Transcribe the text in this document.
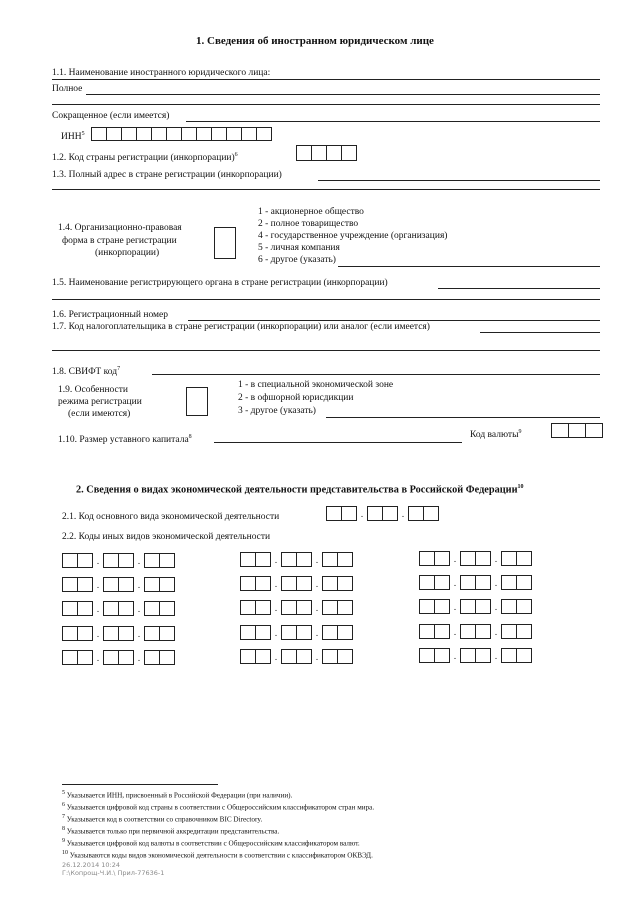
1. Сведения об иностранном юридическом лице
1.1. Наименование иностранного юридического лица:
Полное
Сокращенное (если имеется)
ИНН$^5$
1.2. Код страны регистрации (инкорпорации)$^6$
1.3. Полный адрес в стране регистрации (инкорпорации)
1.4. Организационно-правовая
форма в стране регистрации
(инкорпорации)
1 - акционерное общество
2 - полное товарищество
4 - государственное учреждение (организация)
5 - личная компания
6 - другое (указать)
1.5. Наименование регистрирующего органа в стране регистрации (инкорпорации)
1.6. Регистрационный номер
1.7. Код налогоплательщика в стране регистрации (инкорпорации) или аналог (если имеется)
1.8. СВИФТ код$^7$
1.9. Особенности
режима регистрации
(если имеются)
1 - в специальной экономической зоне
2 - в офшорной юрисдикции
3 - другое (указать)
1.10. Размер уставного капитала$^8$	Код валюты$^9$
2. Сведения о видах экономической деятельности представительства в Российской Федерации$^{10}$
2.1. Код основного вида экономической деятельности	.	.
2.2. Коды иных видов экономической деятельности
.	.
.	.
.	.
.	.
.	.
.	.
.	.
.	.
.	.
.	.
.	.
.	.
.	.
.	.
.	.
$^5$ Указывается ИНН, присвоенный в Российской Федерации (при наличии).
$^6$ Указывается цифровой код страны в соответствии с Общероссийским классификатором стран мира.
$^7$ Указывается код в соответствии со справочником BIC Directory.
$^8$ Указывается только при первичной аккредитации представительства.
$^9$ Указывается цифровой код валюты в соответствии с Общероссийским классификатором валют.
$^{10}$ Указываются коды видов экономической деятельности в соответствии с классификатором ОКВЭД.
26.12.2014 10:24
Г:\Копрощ-Ч.И.\ Прил-77636-1
